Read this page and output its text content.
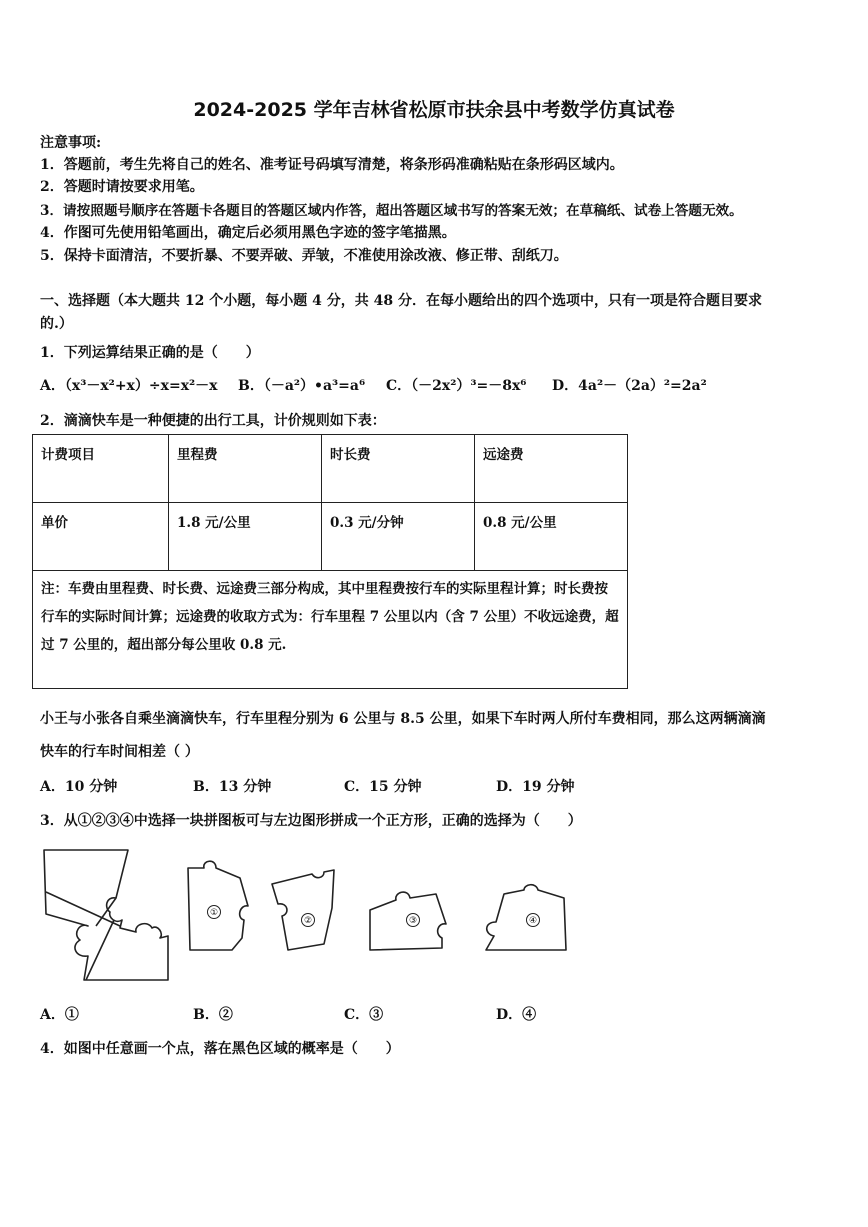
2024-2025 学年吉林省松原市扶余县中考数学仿真试卷
注意事项:
1．答题前，考生先将自己的姓名、准考证号码填写清楚，将条形码准确粘贴在条形码区域内。
2．答题时请按要求用笔。
3．请按照题号顺序在答题卡各题目的答题区域内作答，超出答题区域书写的答案无效；在草稿纸、试卷上答题无效。
4．作图可先使用铅笔画出，确定后必须用黑色字迹的签字笔描黑。
5．保持卡面清洁，不要折暴、不要弄破、弄皱，不准使用涂改液、修正带、刮纸刀。
一、选择题（本大题共 12 个小题，每小题 4 分，共 48 分．在每小题给出的四个选项中，只有一项是符合题目要求
的.）
1．下列运算结果正确的是（　　）
A．（x³－x²+x）÷x=x²－x B．（－a²）•a³=a⁶ C．（－2x²）³=－8x⁶ D．4a²－（2a）²=2a²
2．滴滴快车是一种便捷的出行工具，计价规则如下表：
计费项目	里程费	时长费	远途费
单价	1.8 元/公里	0.3 元/分钟	0.8 元/公里
注：车费由里程费、时长费、远途费三部分构成，其中里程费按行车的实际里程计算；时长费按行车的实际时间计算；远途费的收取方式为：行车里程 7 公里以内（含 7 公里）不收远途费，超过 7 公里的，超出部分每公里收 0.8 元.			
小王与小张各自乘坐滴滴快车，行车里程分别为 6 公里与 8.5 公里，如果下车时两人所付车费相同，那么这两辆滴滴
快车的行车时间相差（ ）
A．10 分钟	B．13 分钟	C．15 分钟	D．19 分钟
3．从①②③④中选择一块拼图板可与左边图形拼成一个正方形，正确的选择为（　　）
①
②	③	④
A．①	B．②	C．③	D．④
4．如图中任意画一个点，落在黑色区域的概率是（　　）
